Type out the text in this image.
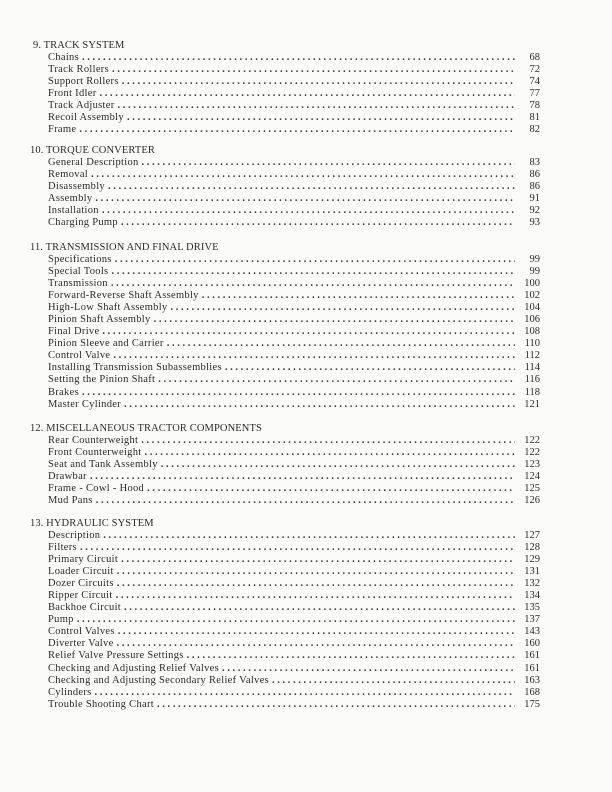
9. TRACK SYSTEM
Chains . . .	68
Track Rollers . . .	72
Support Rollers . . .	74
Front Idler . . .	77
Track Adjuster . . .	78
Recoil Assembly . . .	81
Frame . . .	82
10. TORQUE CONVERTER
General Description . . .	83
Removal . . .	86
Disassembly . . .	86
Assembly . . .	91
Installation . . .	92
Charging Pump . . .	93
11. TRANSMISSION AND FINAL DRIVE
Specifications . . .	99
Special Tools . . .	99
Transmission . . .	100
Forward-Reverse Shaft Assembly . . .	102
High-Low Shaft Assembly . . .	104
Pinion Shaft Assembly . . .	106
Final Drive . . .	108
Pinion Sleeve and Carrier . . .	110
Control Valve . . .	112
Installing Transmission Subassemblies . . .	114
Setting the Pinion Shaft . . .	116
Brakes . . .	118
Master Cylinder . . .	121
12. MISCELLANEOUS TRACTOR COMPONENTS
Rear Counterweight . . .	122
Front Counterweight . . .	122
Seat and Tank Assembly . . .	123
Drawbar . . .	124
Frame - Cowl - Hood . . .	125
Mud Pans . . .	126
13. HYDRAULIC SYSTEM
Description . . .	127
Filters . . .	128
Primary Circuit . . .	129
Loader Circuit . . .	131
Dozer Circuits . . .	132
Ripper Circuit . . .	134
Backhoe Circuit . . .	135
Pump . . .	137
Control Valves . . .	143
Diverter Valve . . .	160
Relief Valve Pressure Settings . . .	161
Checking and Adjusting Relief Valves . . .	161
Checking and Adjusting Secondary Relief Valves . . .	163
Cylinders . . .	168
Trouble Shooting Chart . . .	175
